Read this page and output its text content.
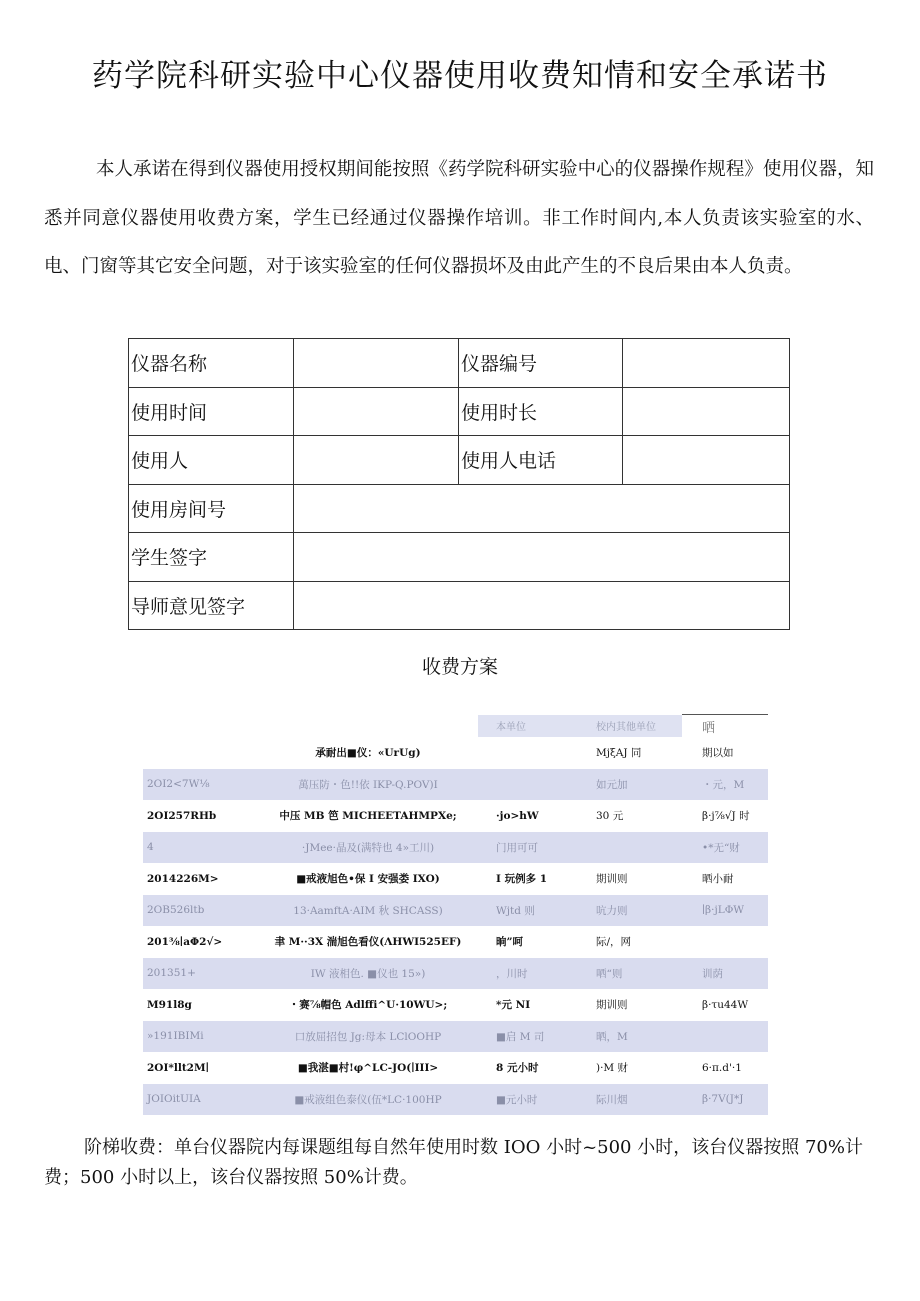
药学院科研实验中心仪器使用收费知情和安全承诺书

本人承诺在得到仪器使用授权期间能按照《药学院科研实验中心的仪器操作规程》使用仪器，知悉并同意仪器使用收费方案，学生已经通过仪器操作培训。非工作时间内,本人负责该实验室的水、电、门窗等其它安全问题，对于该实验室的任何仪器损坏及由此产生的不良后果由本人负责。

仪器名称		仪器编号	
使用时间		使用时长	
使用人		使用人电话	
使用房间号			
学生签字			
导师意见签字			
收费方案
		本单位	校内其他单位	哂
	承耐出■仪：«UrUg)		MjξAJ 同	期以如
2OI2<7W⅛	萬压防・色!!依 IKP-Q.POV)I		如元加	・元，M
2OI257RHb	中压 MB 笆 MICHEETAHMPXe;	·jo>hW	30 元	β·j⅞√J 时
4	·JMee·晶及(满特也 4»工川)	门用可可		•*无“财
2014226M>	■戒液旭色•保 I 安强娄 IXO)	I 玩例多 1	期训则	晒小耐
2OB526ltb	13·AamftA·AIM 秋 SHCASS)	Wjtd 则	吭力则	∣β·jLΦW
201⅜∣aΦ2√>	聿 M··3X 湍旭色看仪(ΛHWI525EF)	晌”呵	际/，网	
201351+	IW 液相色. ■仪也 15»)	，川时	哂“则	训荫
M91l8g	・赛⅞帽色 Adlffi^U·10WU>;	*元 NI	期训则	β·τu44W
»191IBIMi	口放屈招包 Jg:母本 LClOOHP	■启 M 司	晒，M	
2OI*llt2M∣	■我湛■村!φ^LC-JO(∣III>	8 元小时	)·M 财	6·π.d'·1
JOIOitUIA	■戒液组色泰仪(伍*LC·100HP	■元小时	际川烟	β·7V(J*J

阶梯收费：单台仪器院内每课题组每自然年使用时数 IOO 小时~500 小时，该台仪器按照 70%计费；500 小时以上，该台仪器按照 50%计费。
